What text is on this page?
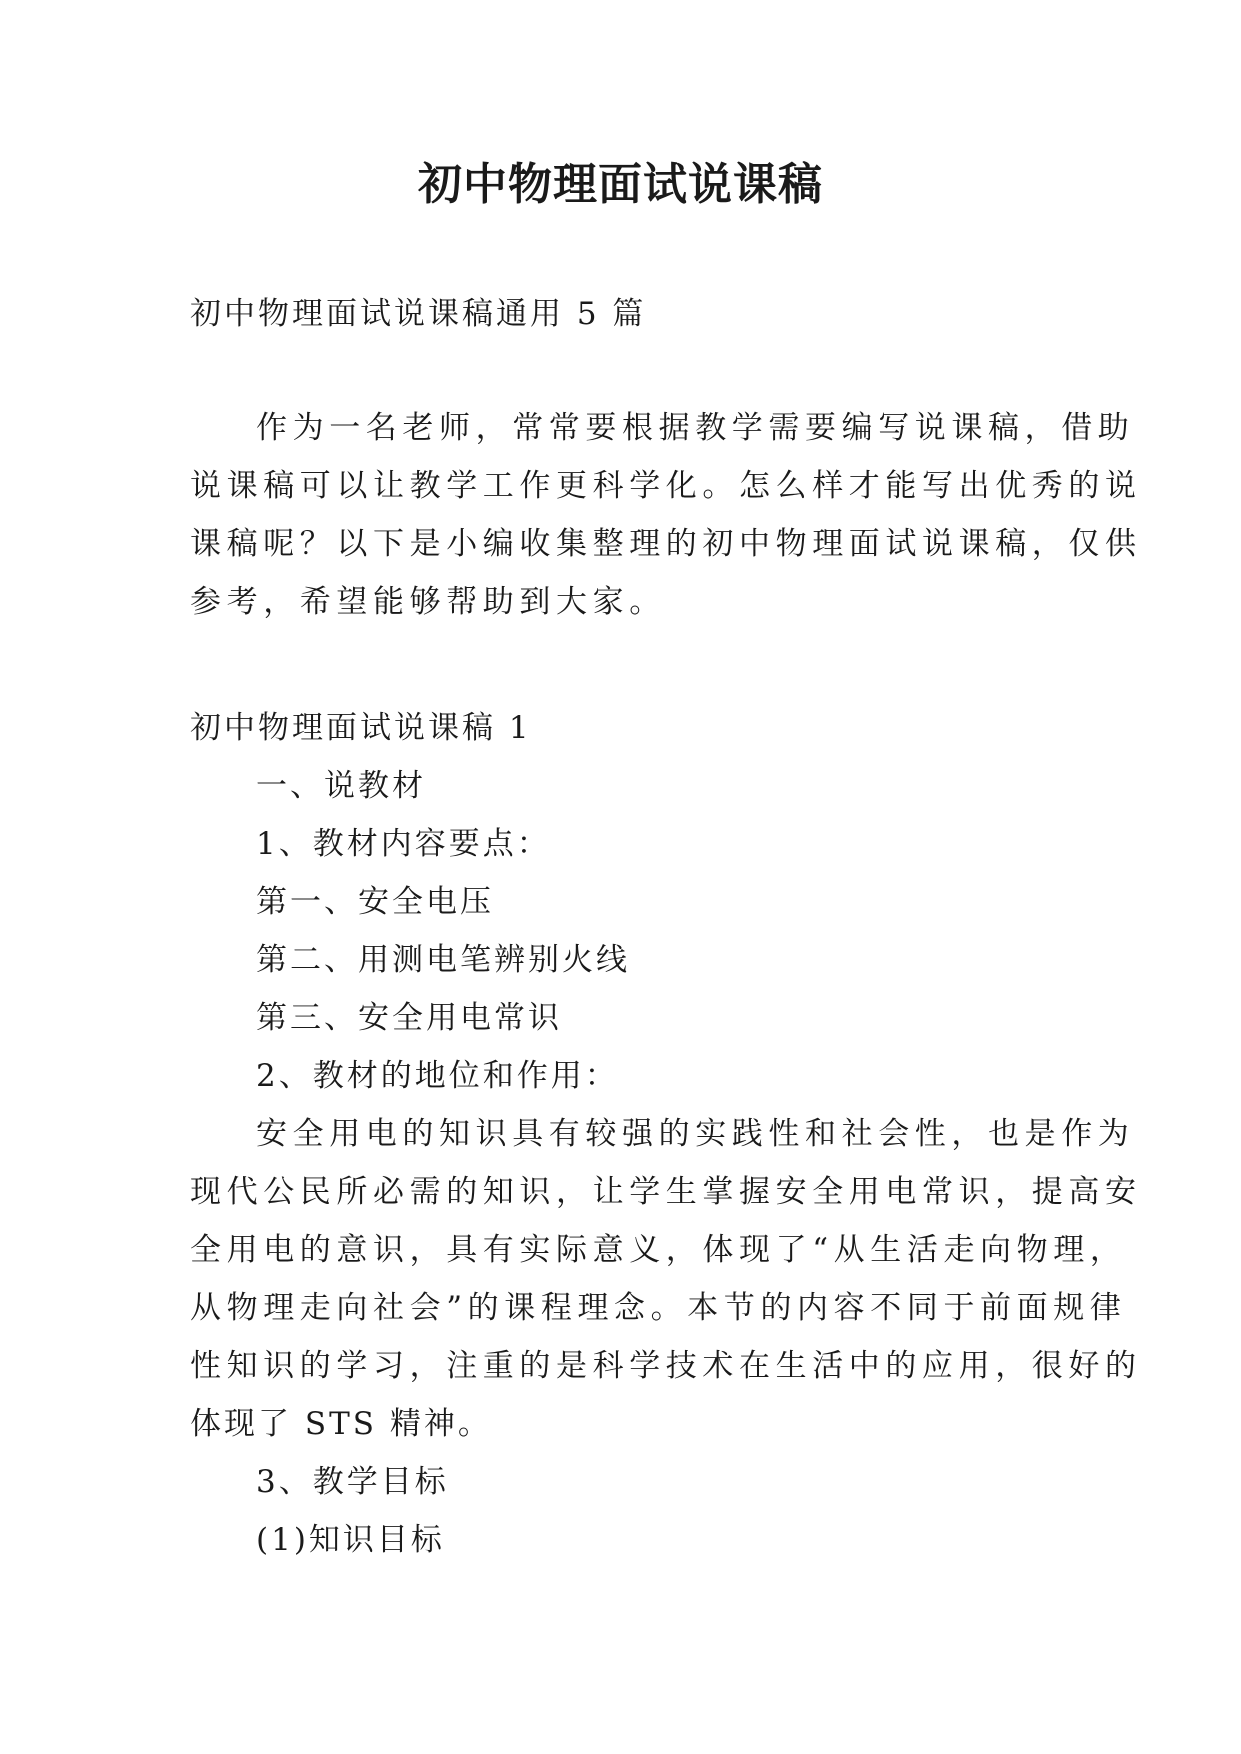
初中物理面试说课稿
初中物理面试说课稿通用 5 篇
作为一名老师，常常要根据教学需要编写说课稿，借助
说课稿可以让教学工作更科学化。怎么样才能写出优秀的说
课稿呢？以下是小编收集整理的初中物理面试说课稿，仅供
参考，希望能够帮助到大家。
初中物理面试说课稿 1
一、说教材
1、教材内容要点：
第一、安全电压
第二、用测电笔辨别火线
第三、安全用电常识
2、教材的地位和作用：
安全用电的知识具有较强的实践性和社会性，也是作为
现代公民所必需的知识，让学生掌握安全用电常识，提高安
全用电的意识，具有实际意义，体现了“从生活走向物理，
从物理走向社会”的课程理念。本节的内容不同于前面规律
性知识的学习，注重的是科学技术在生活中的应用，很好的
体现了 STS 精神。
3、教学目标
(1)知识目标
